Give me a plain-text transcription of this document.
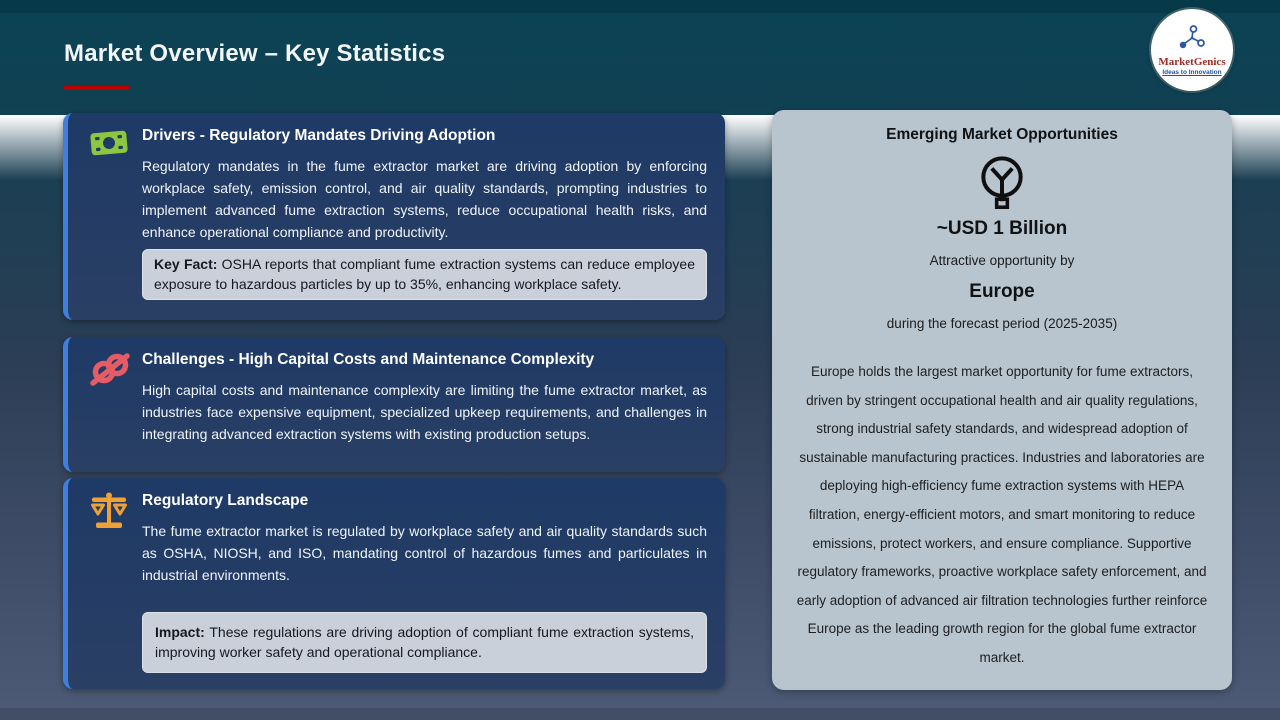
Market Overview – Key Statistics	MarketGenics
Ideas to Innovation
Drivers - Regulatory Mandates Driving Adoption

Regulatory mandates in the fume extractor market are driving adoption by enforcing workplace safety, emission control, and air quality standards, prompting industries to implement advanced fume extraction systems, reduce occupational health risks, and enhance operational compliance and productivity.

Key Fact: OSHA reports that compliant fume extraction systems can reduce employee exposure to hazardous particles by up to 35%, enhancing workplace safety.
Challenges - High Capital Costs and Maintenance Complexity

High capital costs and maintenance complexity are limiting the fume extractor market, as industries face expensive equipment, specialized upkeep requirements, and challenges in integrating advanced extraction systems with existing production setups.

Regulatory Landscape

The fume extractor market is regulated by workplace safety and air quality standards such as OSHA, NIOSH, and ISO, mandating control of hazardous fumes and particulates in industrial environments.

Impact: These regulations are driving adoption of compliant fume extraction systems, improving worker safety and operational compliance.
Emerging Market Opportunities
~USD 1 Billion
Attractive opportunity by
Europe
during the forecast period (2025-2035)

Europe holds the largest market opportunity for fume extractors, driven by stringent occupational health and air quality regulations, strong industrial safety standards, and widespread adoption of sustainable manufacturing practices. Industries and laboratories are deploying high-efficiency fume extraction systems with HEPA filtration, energy-efficient motors, and smart monitoring to reduce emissions, protect workers, and ensure compliance. Supportive regulatory frameworks, proactive workplace safety enforcement, and early adoption of advanced air filtration technologies further reinforce Europe as the leading growth region for the global fume extractor market.
